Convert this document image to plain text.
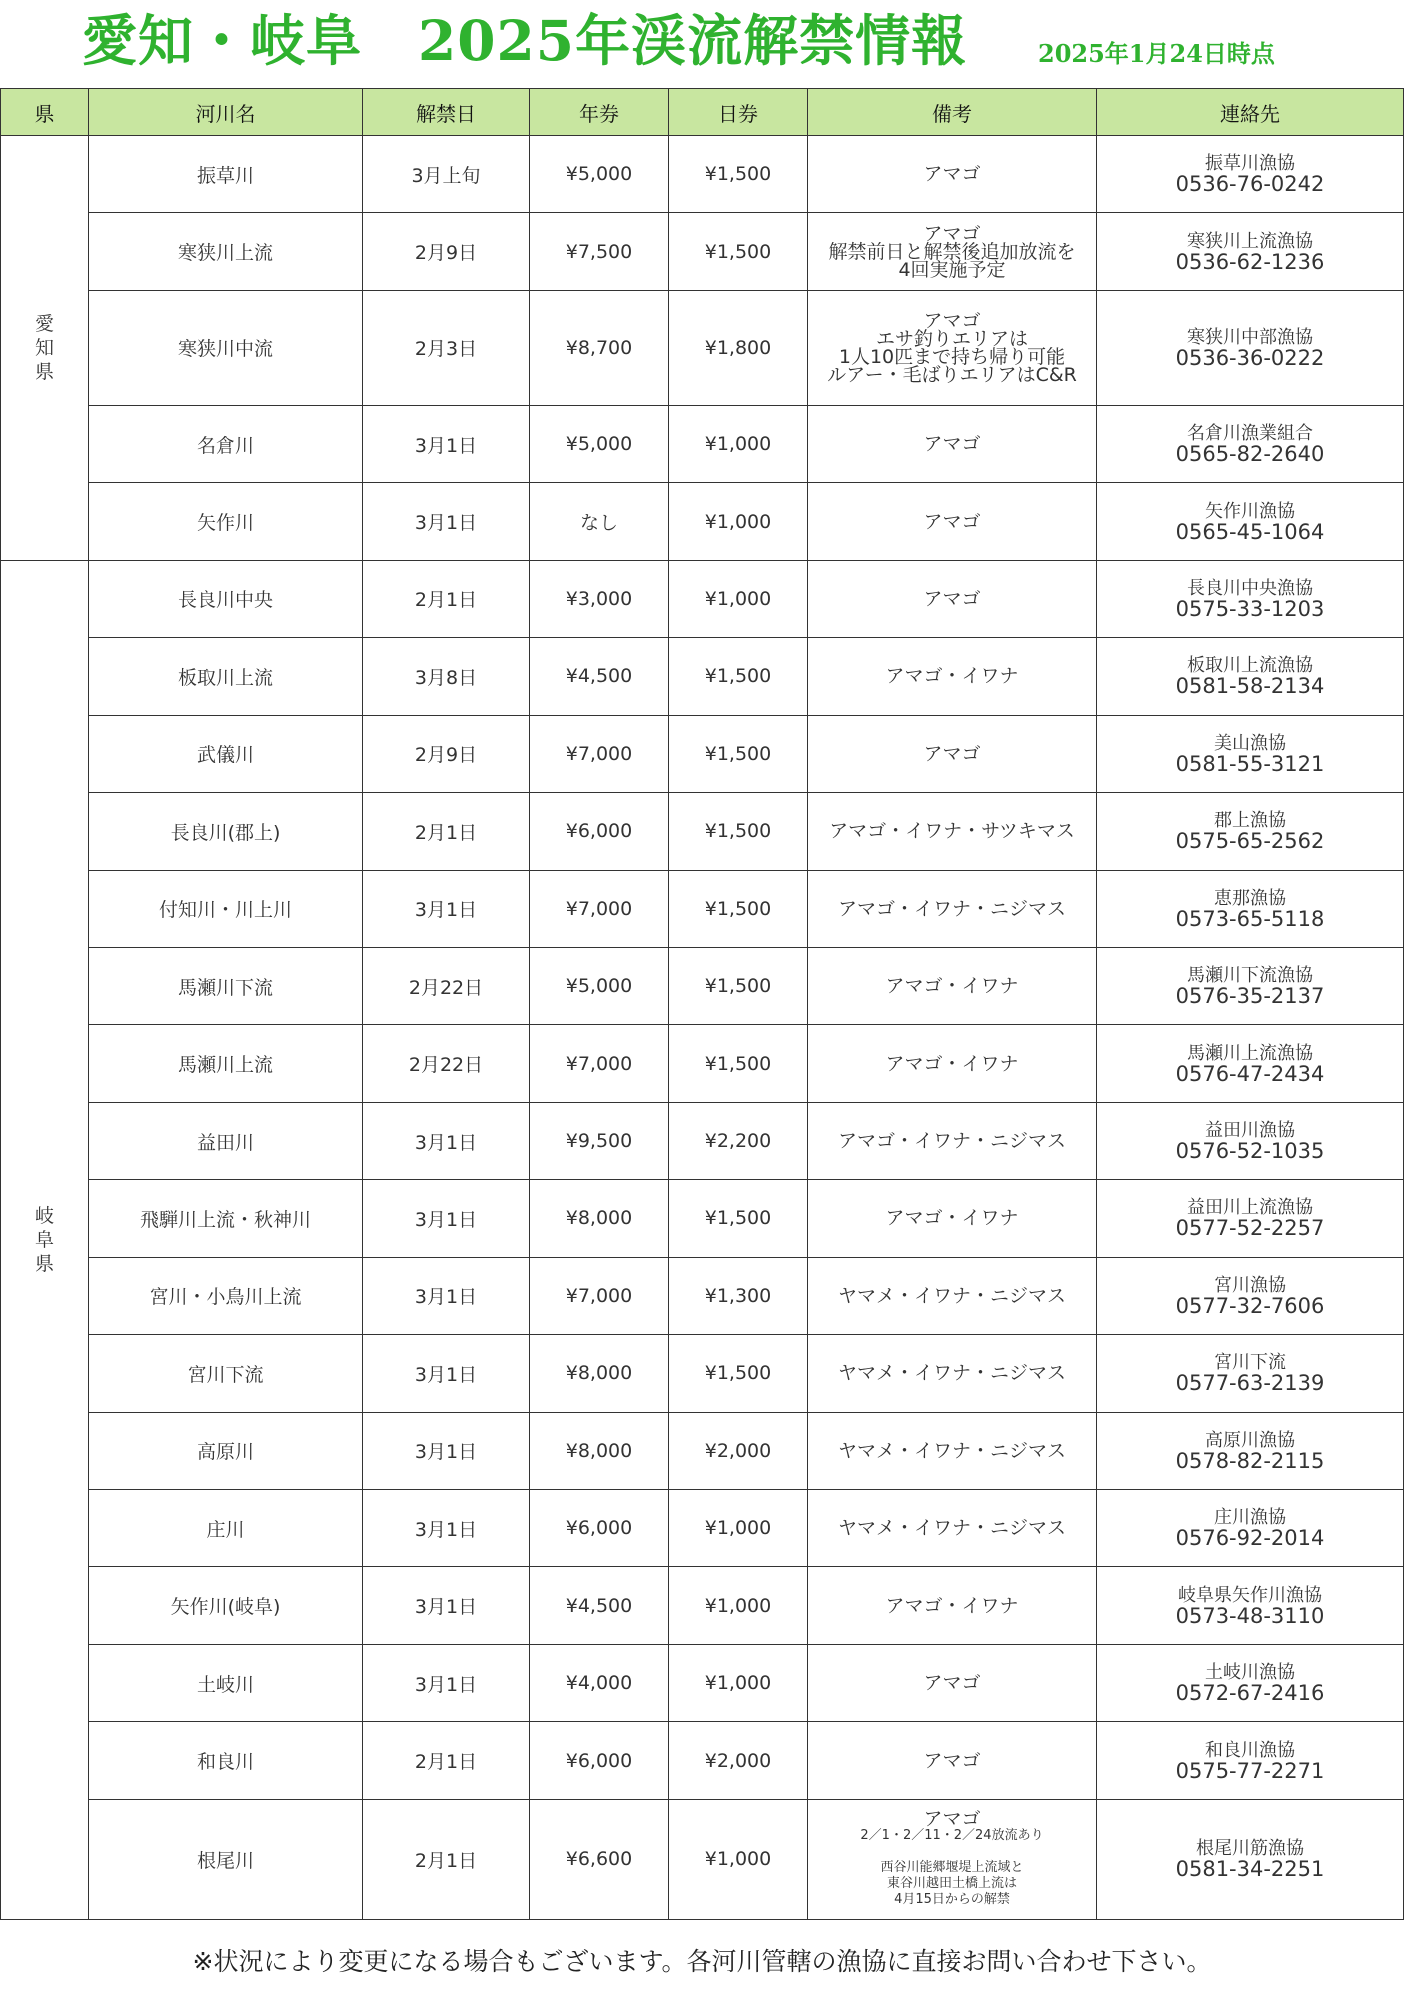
愛知・岐阜　2025年渓流解禁情報	2025年1月24日時点
県	河川名	解禁日	年券	日券	備考	連絡先

愛
知
県	振草川	3月上旬	¥5,000	¥1,500	アマゴ	振草川漁協
0536-76-0242

	寒狭川上流	2月9日	¥7,500	¥1,500	アマゴ
解禁前日と解禁後追加放流を
4回実施予定	寒狭川上流漁協
0536-62-1236

	寒狭川中流	2月3日	¥8,700	¥1,800	アマゴ
エサ釣りエリアは
1人10匹まで持ち帰り可能
ルアー・毛ばりエリアはC&R	寒狭川中部漁協
0536-36-0222

	名倉川	3月1日	¥5,000	¥1,000	アマゴ	名倉川漁業組合
0565-82-2640

	矢作川	3月1日	なし	¥1,000	アマゴ	矢作川漁協
0565-45-1064

岐
阜
県	長良川中央	2月1日	¥3,000	¥1,000	アマゴ	長良川中央漁協
0575-33-1203

	板取川上流	3月8日	¥4,500	¥1,500	アマゴ・イワナ	板取川上流漁協
0581-58-2134

	武儀川	2月9日	¥7,000	¥1,500	アマゴ	美山漁協
0581-55-3121

	長良川(郡上)	2月1日	¥6,000	¥1,500	アマゴ・イワナ・サツキマス	郡上漁協
0575-65-2562

	付知川・川上川	3月1日	¥7,000	¥1,500	アマゴ・イワナ・ニジマス	恵那漁協
0573-65-5118

	馬瀬川下流	2月22日	¥5,000	¥1,500	アマゴ・イワナ	馬瀬川下流漁協
0576-35-2137

	馬瀬川上流	2月22日	¥7,000	¥1,500	アマゴ・イワナ	馬瀬川上流漁協
0576-47-2434

	益田川	3月1日	¥9,500	¥2,200	アマゴ・イワナ・ニジマス	益田川漁協
0576-52-1035

	飛騨川上流・秋神川	3月1日	¥8,000	¥1,500	アマゴ・イワナ	益田川上流漁協
0577-52-2257

	宮川・小鳥川上流	3月1日	¥7,000	¥1,300	ヤマメ・イワナ・ニジマス	宮川漁協
0577-32-7606

	宮川下流	3月1日	¥8,000	¥1,500	ヤマメ・イワナ・ニジマス	宮川下流
0577-63-2139

	高原川	3月1日	¥8,000	¥2,000	ヤマメ・イワナ・ニジマス	高原川漁協
0578-82-2115

	庄川	3月1日	¥6,000	¥1,000	ヤマメ・イワナ・ニジマス	庄川漁協
0576-92-2014

	矢作川(岐阜)	3月1日	¥4,500	¥1,000	アマゴ・イワナ	岐阜県矢作川漁協
0573-48-3110

	土岐川	3月1日	¥4,000	¥1,000	アマゴ	土岐川漁協
0572-67-2416

	和良川	2月1日	¥6,000	¥2,000	アマゴ	和良川漁協
0575-77-2271

	根尾川	2月1日	¥6,600	¥1,000	アマゴ
2／1・2／11・2／24放流あり
西谷川能郷堰堤上流域と
東谷川越田土橋上流は
4月15日からの解禁	根尾川筋漁協
0581-34-2251
※状況により変更になる場合もございます。各河川管轄の漁協に直接お問い合わせ下さい。
